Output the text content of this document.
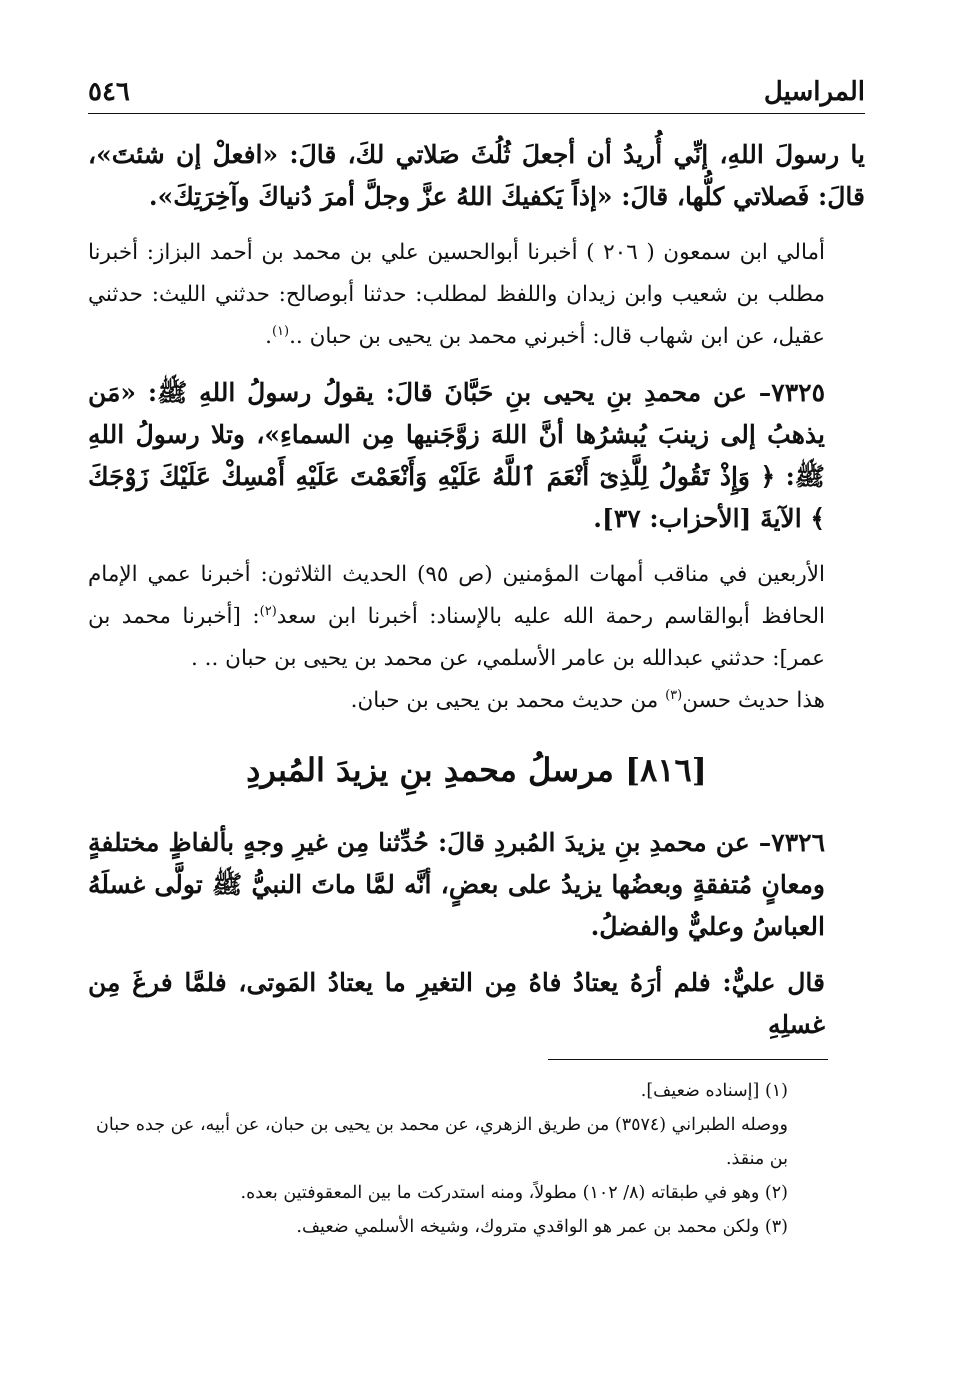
المراسيل
٥٤٦

يا رسولَ اللهِ، إنِّي أُريدُ أن أجعلَ ثُلُثَ صَلاتي لكَ، قالَ: «افعلْ إن شئتَ»، قالَ: فَصلاتي كلُّها، قالَ: «إذاً يَكفيكَ اللهُ عزَّ وجلَّ أمرَ دُنياكَ وآخِرَتِكَ».

أمالي ابن سمعون ( ٢٠٦ ) أخبرنا أبوالحسين علي بن محمد بن أحمد البزاز: أخبرنا مطلب بن شعيب وابن زيدان واللفظ لمطلب: حدثنا أبوصالح: حدثني الليث: حدثني عقيل، عن ابن شهاب قال: أخبرني محمد بن يحيى بن حبان ..$^{(١)}$.

٧٣٢٥– عن محمدِ بنِ يحيى بنِ حَبَّانَ قالَ: يقولُ رسولُ اللهِ ﷺ: «مَن يذهبُ إلى زينبَ يُبشرُها أنَّ اللهَ زوَّجَنيها مِن السماءِ»، وتلا رسولُ اللهِ ﷺ: ﴿ وَإِذْ تَقُولُ لِلَّذِىٓ أَنْعَمَ ٱللَّهُ عَلَيْهِ وَأَنْعَمْتَ عَلَيْهِ أَمْسِكْ عَلَيْكَ زَوْجَكَ ﴾ الآيةَ [الأحزاب: ٣٧].

الأربعين في مناقب أمهات المؤمنين (ص ٩٥) الحديث الثلاثون: أخبرنا عمي الإمام الحافظ أبوالقاسم رحمة الله عليه بالإسناد: أخبرنا ابن سعد$^{(٢)}$: [أخبرنا محمد بن عمر]: حدثني عبدالله بن عامر الأسلمي، عن محمد بن يحيى بن حبان .. .

هذا حديث حسن$^{(٣)}$ من حديث محمد بن يحيى بن حبان.

[٨١٦] مرسلُ محمدِ بنِ يزيدَ المُبردِ

٧٣٢٦– عن محمدِ بنِ يزيدَ المُبردِ قالَ: حُدِّثنا مِن غيرِ وجهٍ بألفاظٍ مختلفةٍ ومعانٍ مُتفقةٍ وبعضُها يزيدُ على بعضٍ، أنَّه لمَّا ماتَ النبيُّ ﷺ تولَّى غسلَهُ العباسُ وعليٌّ والفضلُ.

قال عليٌّ: فلم أرَهُ يعتادُ فاهُ مِن التغيرِ ما يعتادُ المَوتى، فلمَّا فرغَ مِن غسلِهِ

(١) [إسناده ضعيف].

ووصله الطبراني (٣٥٧٤) من طريق الزهري، عن محمد بن يحيى بن حبان، عن أبيه، عن جده حبان بن منقذ.

(٢) وهو في طبقاته (٨/ ١٠٢) مطولاً، ومنه استدركت ما بين المعقوفتين بعده.

(٣) ولكن محمد بن عمر هو الواقدي متروك، وشيخه الأسلمي ضعيف.
